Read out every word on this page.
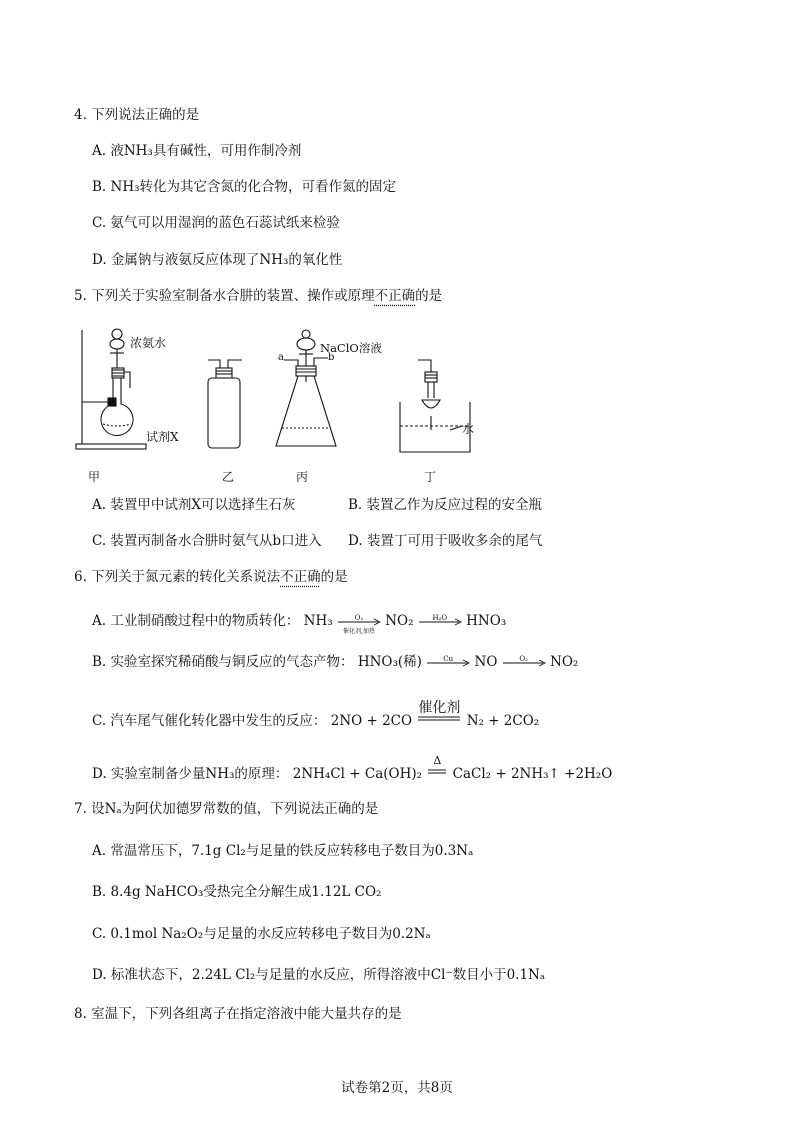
4. 下列说法正确的是
A. 液NH₃具有碱性，可用作制冷剂
B. NH₃转化为其它含氮的化合物，可看作氮的固定
C. 氨气可以用湿润的蓝色石蕊试纸来检验
D. 金属钠与液氨反应体现了NH₃的氧化性
5. 下列关于实验室制备水合肼的装置、操作或原理不正确的是
浓氨水
试剂X
甲	乙
NaClO溶液
a	b
丙
水
丁
A. 装置甲中试剂X可以选择生石灰	B. 装置乙作为反应过程的安全瓶
C. 装置丙制备水合肼时氨气从b口进入 D. 装置丁可用于吸收多余的尾气
6. 下列关于氮元素的转化关系说法不正确的是
A. 工业制硝酸过程中的物质转化： NH₃	O₂
催化剂,加热
NO₂	H₂O	HNO₃
B. 实验室探究稀硝酸与铜反应的气态产物： HNO₃(稀)	Cu	NO	O₂	NO₂
C. 汽车尾气催化转化器中发生的反应： 2NO + 2CO
催化剂
N₂ + 2CO₂
D. 实验室制备少量NH₃的原理： 2NH₄Cl + Ca(OH)₂
Δ
CaCl₂ + 2NH₃↑ +2H₂O
7. 设Nₐ为阿伏加德罗常数的值，下列说法正确的是
A. 常温常压下，7.1g Cl₂与足量的铁反应转移电子数目为0.3Nₐ
B. 8.4g NaHCO₃受热完全分解生成1.12L CO₂
C. 0.1mol Na₂O₂与足量的水反应转移电子数目为0.2Nₐ
D. 标准状态下，2.24L Cl₂与足量的水反应，所得溶液中Cl⁻数目小于0.1Nₐ
8. 室温下，下列各组离子在指定溶液中能大量共存的是
试卷第2页，共8页
